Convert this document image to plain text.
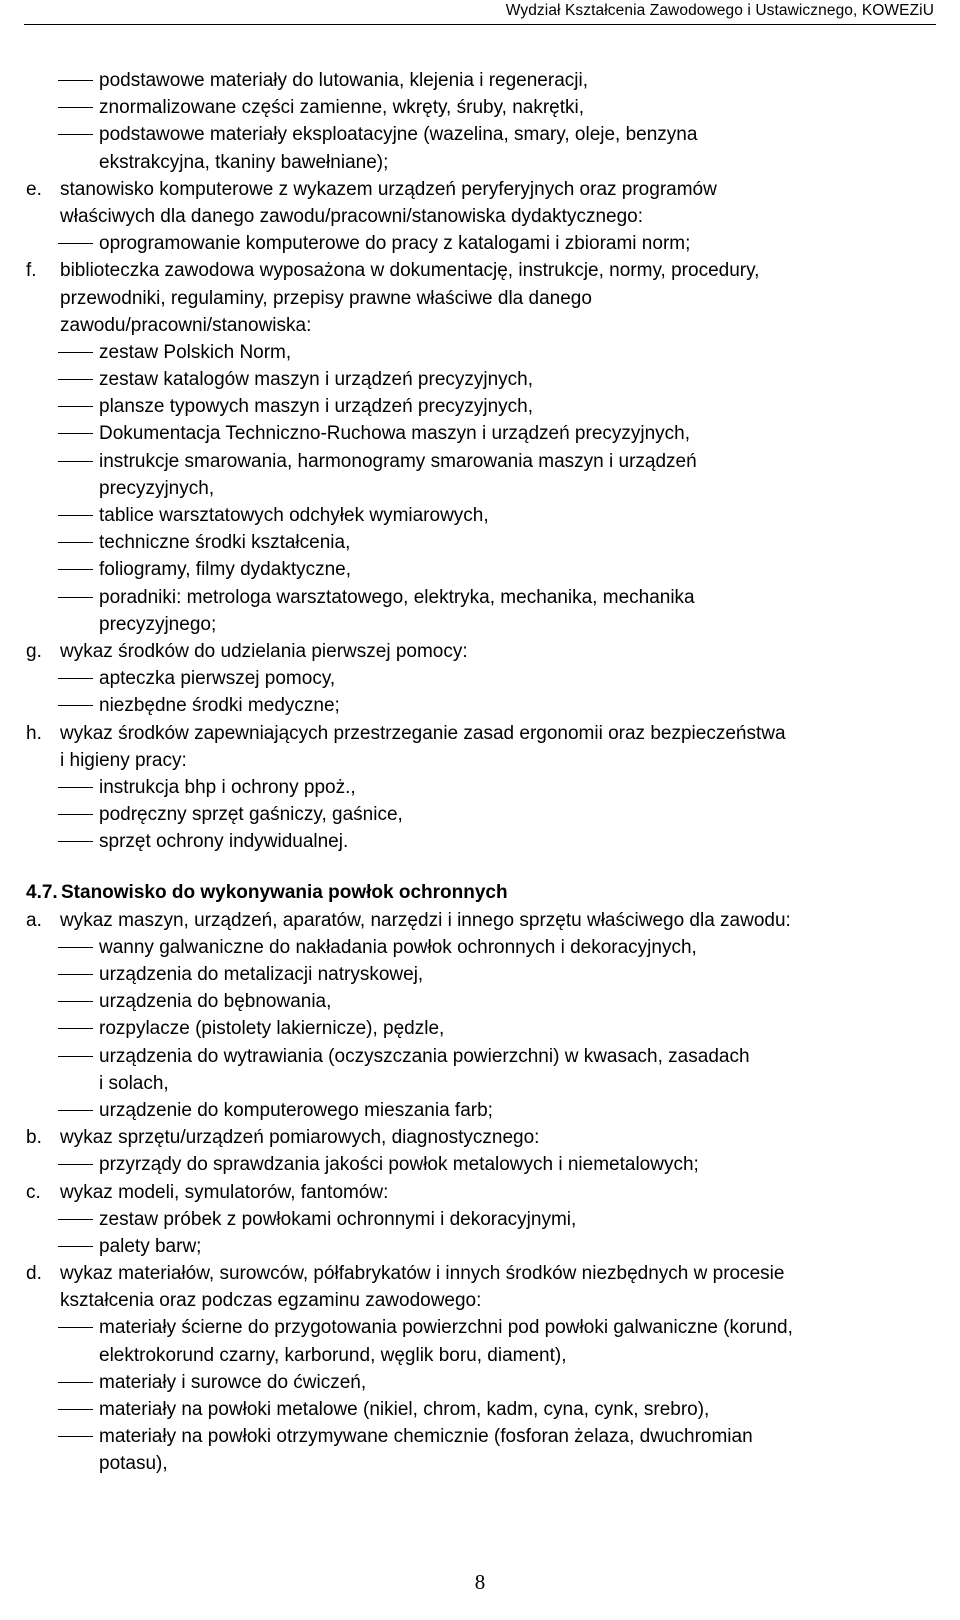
Wydział Kształcenia Zawodowego i Ustawicznego, KOWEZiU
podstawowe materiały do lutowania, klejenia i regeneracji,
znormalizowane części zamienne, wkręty, śruby, nakrętki,
podstawowe materiały eksploatacyjne (wazelina, smary, oleje, benzyna
ekstrakcyjna, tkaniny bawełniane);
e. stanowisko komputerowe z wykazem urządzeń peryferyjnych oraz programów
właściwych dla danego zawodu/pracowni/stanowiska dydaktycznego:
oprogramowanie komputerowe do pracy z katalogami i zbiorami norm;
f. biblioteczka zawodowa wyposażona w dokumentację, instrukcje, normy, procedury,
przewodniki, regulaminy, przepisy prawne właściwe dla danego
zawodu/pracowni/stanowiska:
zestaw Polskich Norm,
zestaw katalogów maszyn i urządzeń precyzyjnych,
plansze typowych maszyn i urządzeń precyzyjnych,
Dokumentacja Techniczno-Ruchowa maszyn i urządzeń precyzyjnych,
instrukcje smarowania, harmonogramy smarowania maszyn i urządzeń
precyzyjnych,
tablice warsztatowych odchyłek wymiarowych,
techniczne środki kształcenia,
foliogramy, filmy dydaktyczne,
poradniki: metrologa warsztatowego, elektryka, mechanika, mechanika
precyzyjnego;
g. wykaz środków do udzielania pierwszej pomocy:
apteczka pierwszej pomocy,
niezbędne środki medyczne;
h. wykaz środków zapewniających przestrzeganie zasad ergonomii oraz bezpieczeństwa
i higieny pracy:
instrukcja bhp i ochrony ppoż.,
podręczny sprzęt gaśniczy, gaśnice,
sprzęt ochrony indywidualnej.
4.7. Stanowisko do wykonywania powłok ochronnych
a. wykaz maszyn, urządzeń, aparatów, narzędzi i innego sprzętu właściwego dla zawodu:
wanny galwaniczne do nakładania powłok ochronnych i dekoracyjnych,
urządzenia do metalizacji natryskowej,
urządzenia do bębnowania,
rozpylacze (pistolety lakiernicze), pędzle,
urządzenia do wytrawiania (oczyszczania powierzchni) w kwasach, zasadach
i solach,
urządzenie do komputerowego mieszania farb;
b. wykaz sprzętu/urządzeń pomiarowych, diagnostycznego:
przyrządy do sprawdzania jakości powłok metalowych i niemetalowych;
c. wykaz modeli, symulatorów, fantomów:
zestaw próbek z powłokami ochronnymi i dekoracyjnymi,
palety barw;
d. wykaz materiałów, surowców, półfabrykatów i innych środków niezbędnych w procesie
kształcenia oraz podczas egzaminu zawodowego:
materiały ścierne do przygotowania powierzchni pod powłoki galwaniczne (korund,
elektrokorund czarny, karborund, węglik boru, diament),
materiały i surowce do ćwiczeń,
materiały na powłoki metalowe (nikiel, chrom, kadm, cyna, cynk, srebro),
materiały na powłoki otrzymywane chemicznie (fosforan żelaza, dwuchromian
potasu),
8
